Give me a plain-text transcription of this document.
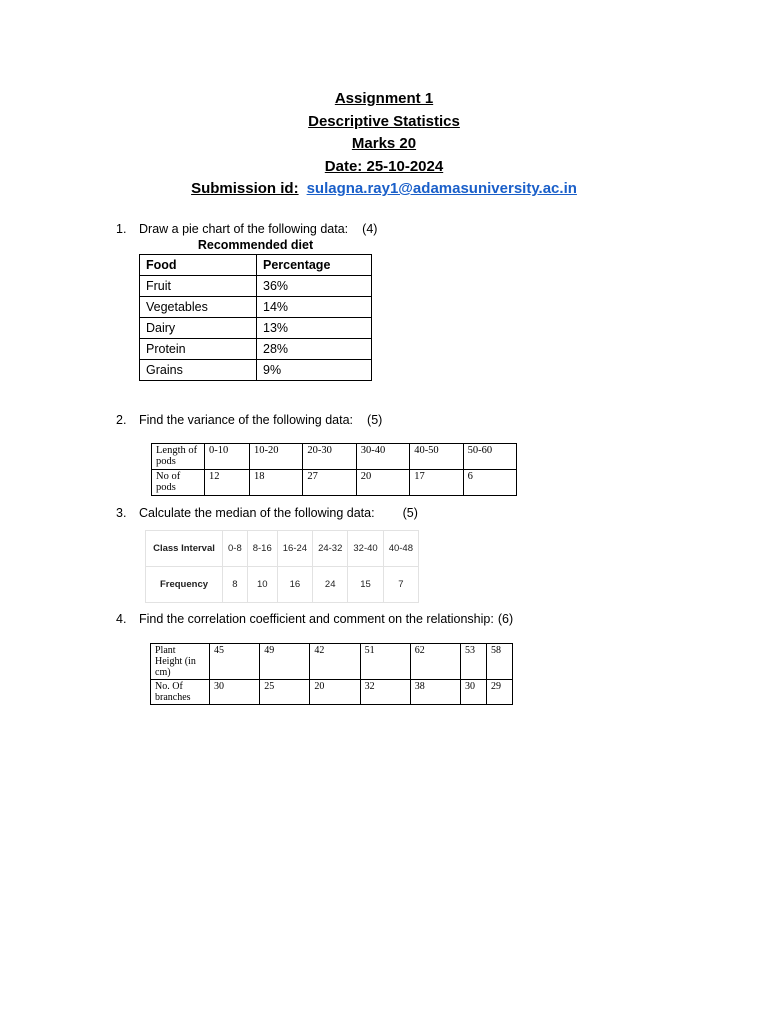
Assignment 1
Descriptive Statistics
Marks 20
Date: 25-10-2024
Submission id: sulagna.ray1@adamasuniversity.ac.in
1. Draw a pie chart of the following data: (4)
Recommended diet
Food	Percentage
Fruit	36%
Vegetables	14%
Dairy	13%
Protein	28%
Grains	9%
2. Find the variance of the following data: (5)
Length of pods	0-10	10-20	20-30	30-40	40-50	50-60
No of pods	12	18	27	20	17	6
3. Calculate the median of the following data: (5)
Class Interval	0-8	8-16	16-24	24-32	32-40	40-48
Frequency	8	10	16	24	15	7
4. Find the correlation coefficient and comment on the relationship: (6)
Plant Height (in cm)	45	49	42	51	62	53	58
No. Of branches	30	25	20	32	38	30	29
